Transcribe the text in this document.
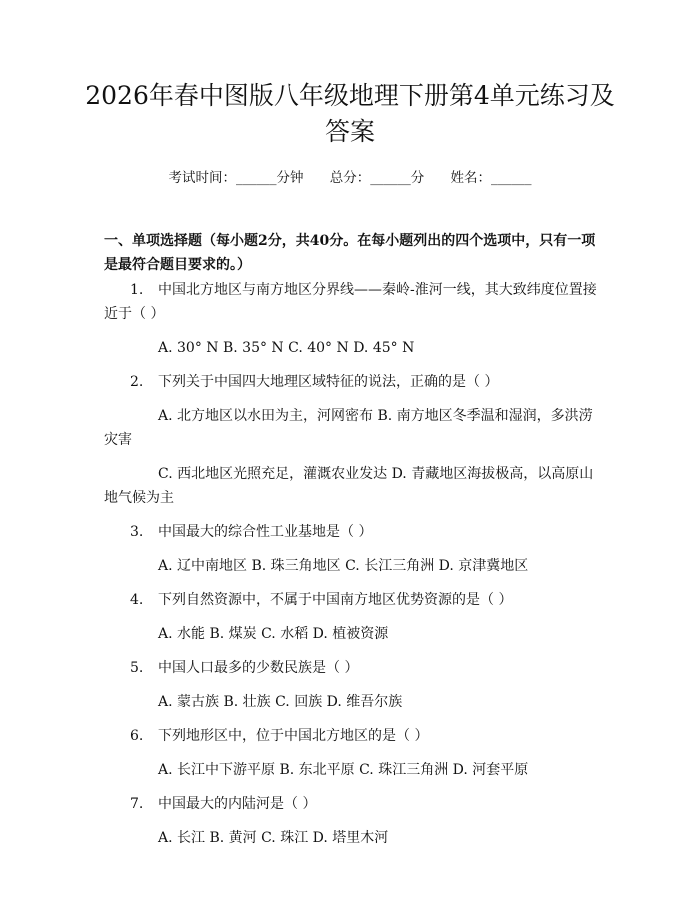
2026年春中图版八年级地理下册第4单元练习及答案
考试时间：______分钟 总分：______分 姓名：______

一、单项选择题（每小题2分，共40分。在每小题列出的四个选项中，只有一项是最符合题目要求的。）

1. 中国北方地区与南方地区分界线——秦岭-淮河一线，其大致纬度位置接近于（ ）

A. 30° N B. 35° N C. 40° N D. 45° N

2. 下列关于中国四大地理区域特征的说法，正确的是（ ）

A. 北方地区以水田为主，河网密布 B. 南方地区冬季温和湿润，多洪涝灾害

C. 西北地区光照充足，灌溉农业发达 D. 青藏地区海拔极高，以高原山地气候为主

3. 中国最大的综合性工业基地是（ ）

A. 辽中南地区 B. 珠三角地区 C. 长江三角洲 D. 京津冀地区

4. 下列自然资源中，不属于中国南方地区优势资源的是（ ）

A. 水能 B. 煤炭 C. 水稻 D. 植被资源

5. 中国人口最多的少数民族是（ ）

A. 蒙古族 B. 壮族 C. 回族 D. 维吾尔族

6. 下列地形区中，位于中国北方地区的是（ ）

A. 长江中下游平原 B. 东北平原 C. 珠江三角洲 D. 河套平原

7. 中国最大的内陆河是（ ）

A. 长江 B. 黄河 C. 珠江 D. 塔里木河
